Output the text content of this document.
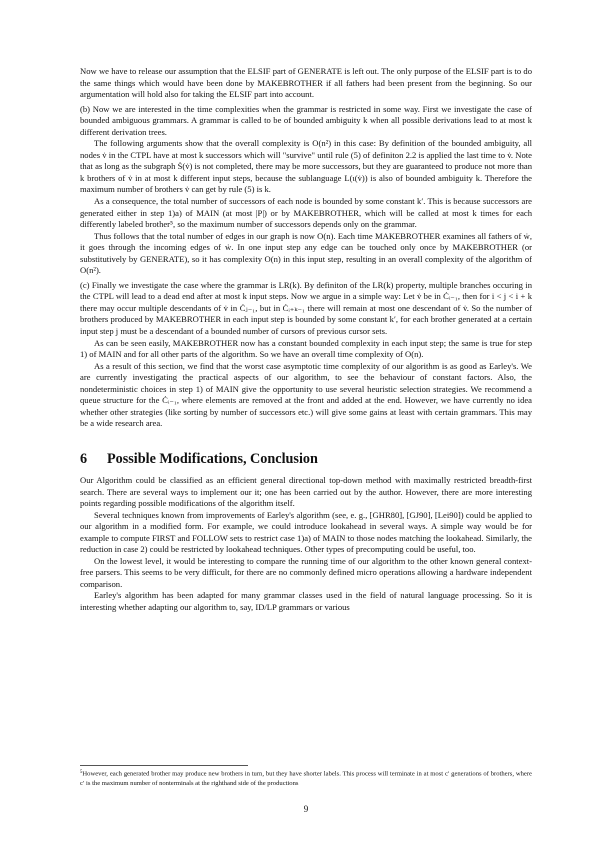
Now we have to release our assumption that the ELSIF part of GENERATE is left out. The only purpose of the ELSIF part is to do the same things which would have been done by MAKEBROTHER if all fathers had been present from the beginning. So our argumentation will hold also for taking the ELSIF part into account.

(b) Now we are interested in the time complexities when the grammar is restricted in some way. First we investigate the case of bounded ambiguous grammars. A grammar is called to be of bounded ambiguity k when all possible derivations lead to at most k different derivation trees.

The following arguments show that the overall complexity is O(n²) in this case: By definition of the bounded ambiguity, all nodes v̇ in the CTPL have at most k successors which will "survive" until rule (5) of definiton 2.2 is applied the last time to v̇. Note that as long as the subgraph Ṡ(v̇) is not completed, there may be more successors, but they are guaranteed to produce not more than k brothers of v̇ in at most k different input steps, because the sublanguage L(ι(v̇)) is also of bounded ambiguity k. Therefore the maximum number of brothers v̇ can get by rule (5) is k.

As a consequence, the total number of successors of each node is bounded by some constant k′. This is because successors are generated either in step 1)a) of MAIN (at most |P|) or by MAKEBROTHER, which will be called at most k times for each differently labeled brother⁵, so the maximum number of successors depends only on the grammar.

Thus follows that the total number of edges in our graph is now O(n). Each time MAKEBROTHER examines all fathers of ẇ, it goes through the incoming edges of ẇ. In one input step any edge can be touched only once by MAKEBROTHER (or substitutively by GENERATE), so it has complexity O(n) in this input step, resulting in an overall complexity of the algorithm of O(n²).

(c) Finally we investigate the case where the grammar is LR(k). By definiton of the LR(k) property, multiple branches occuring in the CTPL will lead to a dead end after at most k input steps. Now we argue in a simple way: Let v̇ be in Ċᵢ₋₁, then for i < j < i + k there may occur multiple descendants of v̇ in Ċⱼ₋₁, but in Ċᵢ₊ₖ₋₁ there will remain at most one descendant of v̇. So the number of brothers produced by MAKEBROTHER in each input step is bounded by some constant k′, for each brother generated at a certain input step j must be a descendant of a bounded number of cursors of previous cursor sets.

As can be seen easily, MAKEBROTHER now has a constant bounded complexity in each input step; the same is true for step 1) of MAIN and for all other parts of the algorithm. So we have an overall time complexity of O(n).

As a result of this section, we find that the worst case asymptotic time complexity of our algorithm is as good as Earley's. We are currently investigating the practical aspects of our algorithm, to see the behaviour of constant factors. Also, the nondeterministic choices in step 1) of MAIN give the opportunity to use several heuristic selection strategies. We recommend a queue structure for the Ċᵢ₋₁, where elements are removed at the front and added at the end. However, we have currently no idea whether other strategies (like sorting by number of successors etc.) will give some gains at least with certain grammars. This may be a wide research area.

6 Possible Modifications, Conclusion

Our Algorithm could be classified as an efficient general directional top-down method with maximally restricted breadth-first search. There are several ways to implement our it; one has been carried out by the author. However, there are more interesting points regarding possible modifications of the algorithm itself.

Several techniques known from improvements of Earley's algorithm (see, e. g., [GHR80], [GJ90], [Lei90]) could be applied to our algorithm in a modified form. For example, we could introduce lookahead in several ways. A simple way would be for example to compute FIRST and FOLLOW sets to restrict case 1)a) of MAIN to those nodes matching the lookahead. Similarly, the reduction in case 2) could be restricted by lookahead techniques. Other types of precomputing could be useful, too.

On the lowest level, it would be interesting to compare the running time of our algorithm to the other known general context-free parsers. This seems to be very difficult, for there are no commonly defined micro operations allowing a hardware independent comparison.

Earley's algorithm has been adapted for many grammar classes used in the field of natural language processing. So it is interesting whether adapting our algorithm to, say, ID/LP grammars or various

$^5$However, each generated brother may produce new brothers in turn, but they have shorter labels. This process will terminate in at most c′ generations of brothers, where c′ is the maximum number of nonterminals at the righthand side of the productions
9
